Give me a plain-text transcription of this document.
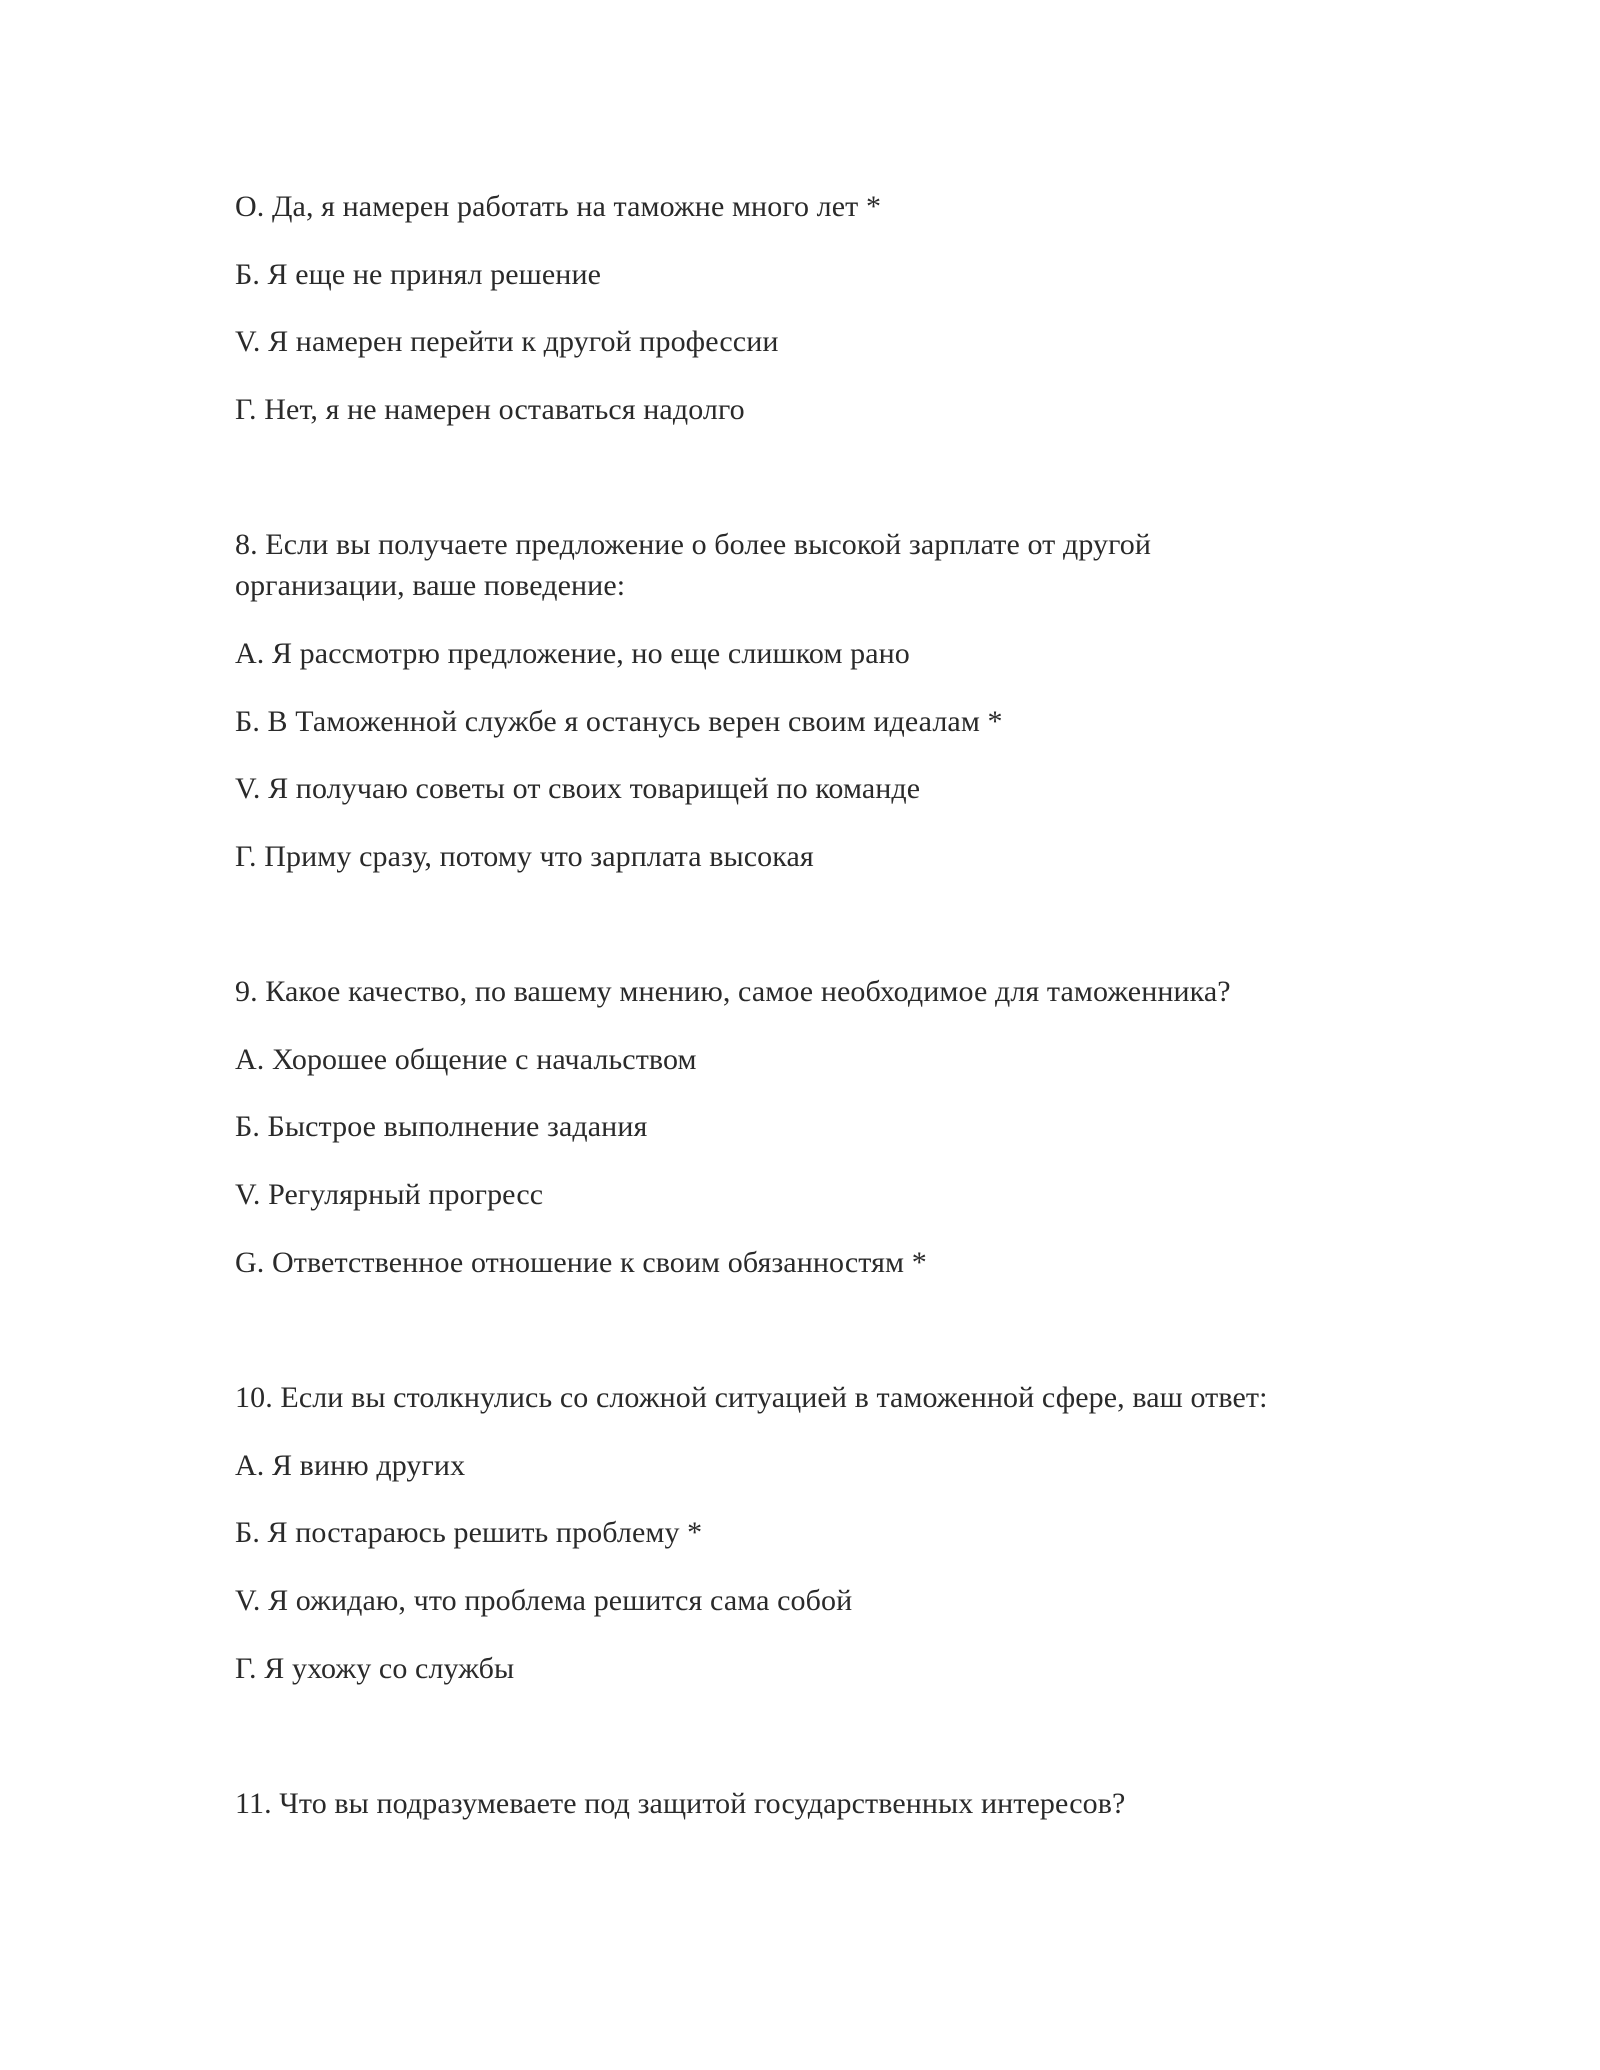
О. Да, я намерен работать на таможне много лет *
Б. Я еще не принял решение
V. Я намерен перейти к другой профессии
Г. Нет, я не намерен оставаться надолго
8. Если вы получаете предложение о более высокой зарплате от другой
организации, ваше поведение:
А. Я рассмотрю предложение, но еще слишком рано
Б. В Таможенной службе я останусь верен своим идеалам *
V. Я получаю советы от своих товарищей по команде
Г. Приму сразу, потому что зарплата высокая
9. Какое качество, по вашему мнению, самое необходимое для таможенника?
А. Хорошее общение с начальством
Б. Быстрое выполнение задания
V. Регулярный прогресс
G. Ответственное отношение к своим обязанностям *
10. Если вы столкнулись со сложной ситуацией в таможенной сфере, ваш ответ:
А. Я виню других
Б. Я постараюсь решить проблему *
V. Я ожидаю, что проблема решится сама собой
Г. Я ухожу со службы
11. Что вы подразумеваете под защитой государственных интересов?
